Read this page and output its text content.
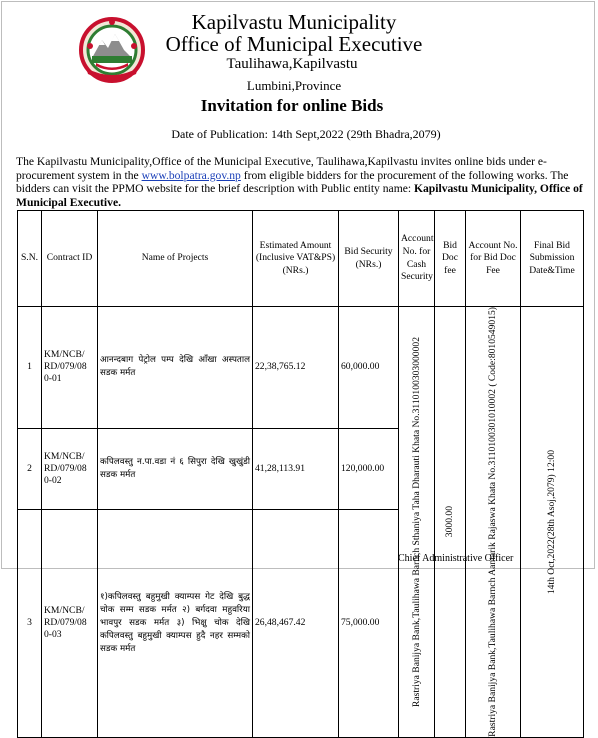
Kapilvastu Municipality
Office of Municipal Executive
Taulihawa,Kapilvastu
Lumbini,Province
Invitation for online Bids
Date of Publication: 14th Sept,2022 (29th Bhadra,2079)
The Kapilvastu Municipality,Office of the Municipal Executive, Taulihawa,Kapilvastu invites online bids under e-procurement system in the www.bolpatra.gov.np from eligible bidders for the procurement of the following works. The bidders can visit the PPMO website for the brief description with Public entity name: Kapilvastu Municipality, Office of Municipal Executive.
S.N.	Contract ID	Name of Projects	Estimated Amount (Inclusive VAT&PS) (NRs.)	Bid Security (NRs.)	Account No. for Cash Security	Bid Doc fee	Account No. for Bid Doc Fee	Final Bid Submission Date&Time
1	KM/NCB/ RD/079/08 0-01	आनन्दबाग पेट्रोल पम्प देखि आँखा अस्पताल सडक मर्मत	22,38,765.12	60,000.00	Rastriya Banijya Bank,Taulihawa Barnch Sthaniya Taha Dharauti Khata No.3110100303000002	3000.00	Rastriya Banijya Bank,Taulihawa Barnch Aantarik Rajaswa Khata No.3110100301010002 ( Code:8010549015)	14th Oct,2022(28th Asoj,2079) 12:00

2	KM/NCB/ RD/079/08 0-02	कपिलवस्तु न.पा.वडा नं ६ सिपुरा देखि खुखुंडी सडक मर्मत	41,28,113.91	120,000.00				
3	KM/NCB/ RD/079/08 0-03	१)कपिलवस्तु बहुमुखी क्याम्पस गेट देखि बुद्ध चोक सम्म सडक मर्मत २) बर्गदवा महुवरिया भावपुर सडक मर्मत ३) भिक्षु चोक देखि कपिलवस्तु बहुमुखी क्याम्पस हुदै नहर सम्मको सडक मर्मत	26,48,467.42	75,000.00				
Chief Administrative Officer
